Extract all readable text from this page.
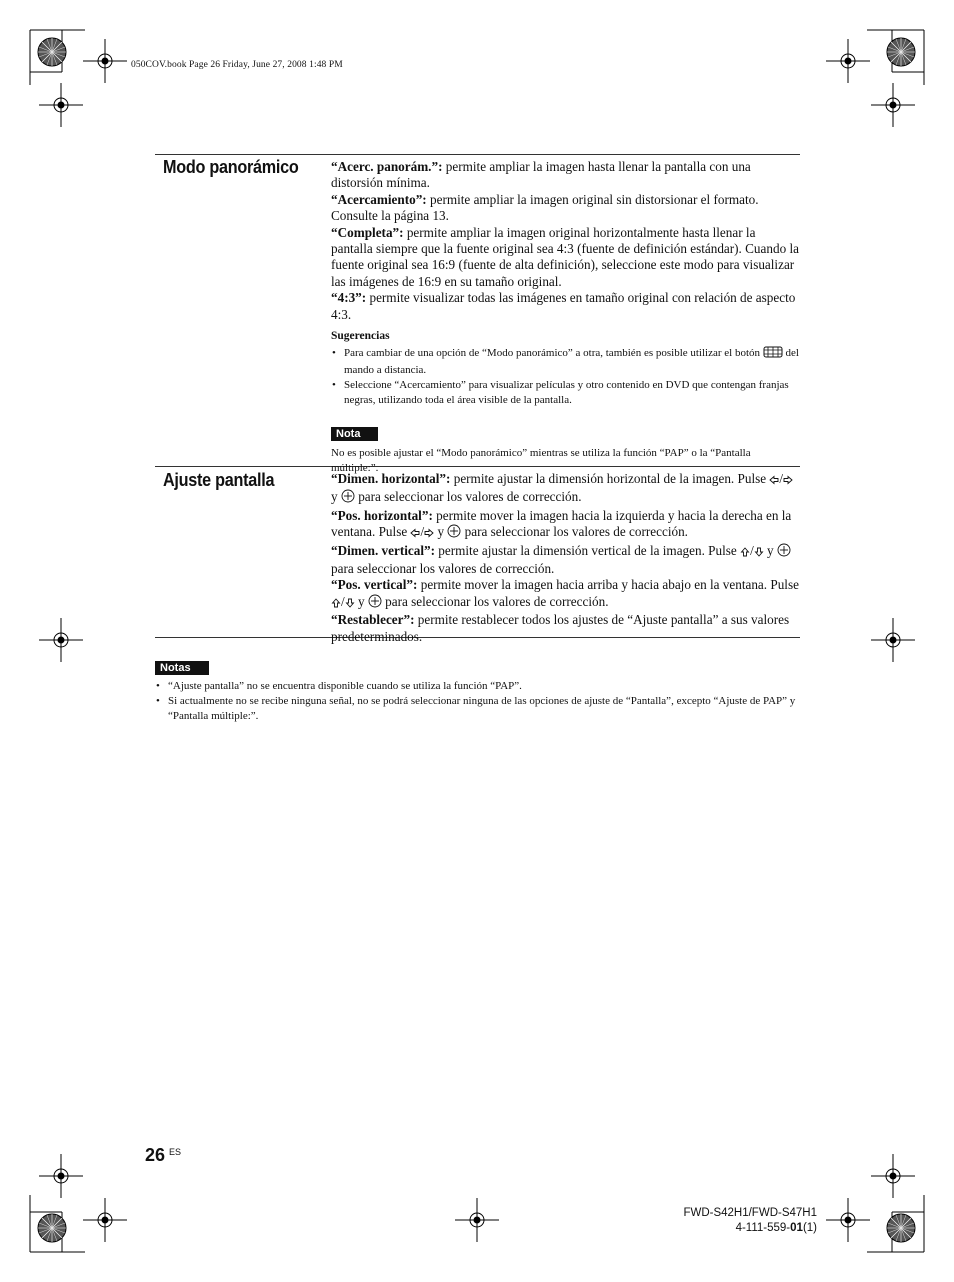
050COV.book Page 26 Friday, June 27, 2008 1:48 PM
Modo panorámico “Acerc. panorám.”: permite ampliar la imagen hasta llenar la pantalla con una distorsión mínima.

“Acercamiento”: permite ampliar la imagen original sin distorsionar el formato. Consulte la página 13.

“Completa”: permite ampliar la imagen original horizontalmente hasta llenar la pantalla siempre que la fuente original sea 4:3 (fuente de definición estándar). Cuando la fuente original sea 16:9 (fuente de alta definición), seleccione este modo para visualizar las imágenes de 16:9 en su tamaño original.

“4:3”: permite visualizar todas las imágenes en tamaño original con relación de aspecto 4:3.

Sugerencias
• Para cambiar de una opción de “Modo panorámico” a otra, también es posible utilizar el botón del mando a distancia.
• Seleccione “Acercamiento” para visualizar películas y otro contenido en DVD que contengan franjas negras, utilizando toda el área visible de la pantalla.
Nota
No es posible ajustar el “Modo panorámico” mientras se utiliza la función “PAP” o la “Pantalla múltiple:”.
Ajuste pantalla	“Dimen. horizontal”: permite ajustar la dimensión horizontal de la imagen. Pulse / y  para seleccionar los valores de corrección.

“Pos. horizontal”: permite mover la imagen hacia la izquierda y hacia la derecha en la ventana. Pulse / y  para seleccionar los valores de corrección.

“Dimen. vertical”: permite ajustar la dimensión vertical de la imagen. Pulse / y  para seleccionar los valores de corrección.

“Pos. vertical”: permite mover la imagen hacia arriba y hacia abajo en la ventana. Pulse / y  para seleccionar los valores de corrección.

“Restablecer”: permite restablecer todos los ajustes de “Ajuste pantalla” a sus valores predeterminados.

Notas
• “Ajuste pantalla” no se encuentra disponible cuando se utiliza la función “PAP”.
• Si actualmente no se recibe ninguna señal, no se podrá seleccionar ninguna de las opciones de ajuste de “Pantalla”, excepto “Ajuste de PAP” y “Pantalla múltiple:”.
26 ES
FWD-S42H1/FWD-S47H1
4-111-559-01(1)
